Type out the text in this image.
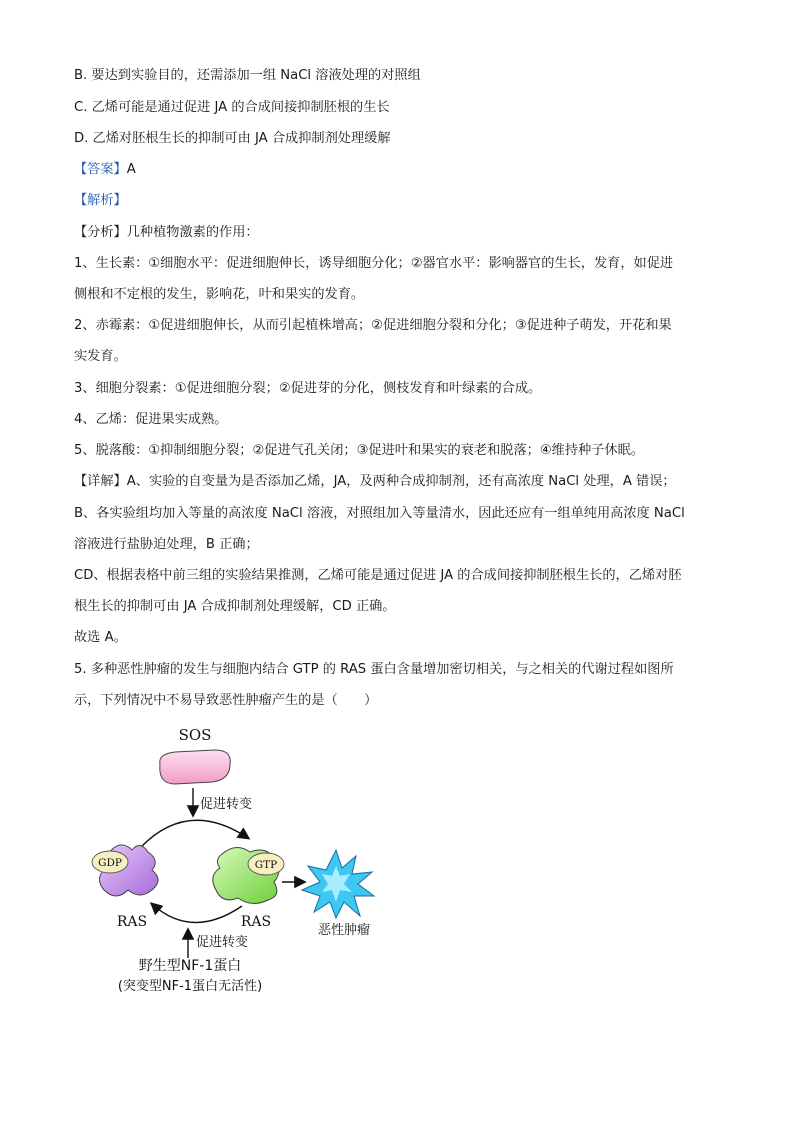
B. 要达到实验目的，还需添加一组 NaCl 溶液处理的对照组
C. 乙烯可能是通过促进 JA 的合成间接抑制胚根的生长
D. 乙烯对胚根生长的抑制可由 JA 合成抑制剂处理缓解
【答案】A
【解析】
【分析】几种植物激素的作用：
1、生长素：①细胞水平：促进细胞伸长，诱导细胞分化；②器官水平：影响器官的生长，发育，如促进
侧根和不定根的发生，影响花，叶和果实的发育。
2、赤霉素：①促进细胞伸长，从而引起植株增高；②促进细胞分裂和分化；③促进种子萌发，开花和果
实发育。
3、细胞分裂素：①促进细胞分裂；②促进芽的分化，侧枝发育和叶绿素的合成。
4、乙烯：促进果实成熟。
5、脱落酸：①抑制细胞分裂；②促进气孔关闭；③促进叶和果实的衰老和脱落；④维持种子休眠。
【详解】A、实验的自变量为是否添加乙烯，JA，及两种合成抑制剂，还有高浓度 NaCl 处理，A 错误；
B、各实验组均加入等量的高浓度 NaCl 溶液，对照组加入等量清水，因此还应有一组单纯用高浓度 NaCl
溶液进行盐胁迫处理，B 正确；
CD、根据表格中前三组的实验结果推测，乙烯可能是通过促进 JA 的合成间接抑制胚根生长的，乙烯对胚
根生长的抑制可由 JA 合成抑制剂处理缓解，CD 正确。
故选 A。
5. 多种恶性肿瘤的发生与细胞内结合 GTP 的 RAS 蛋白含量增加密切相关，与之相关的代谢过程如图所
示，下列情况中不易导致恶性肿瘤产生的是（　　）
SOS
促进转变
GDP
RAS
GTP
RAS
恶性肿瘤
促进转变
野生型NF-1蛋白
(突变型NF-1蛋白无活性)
